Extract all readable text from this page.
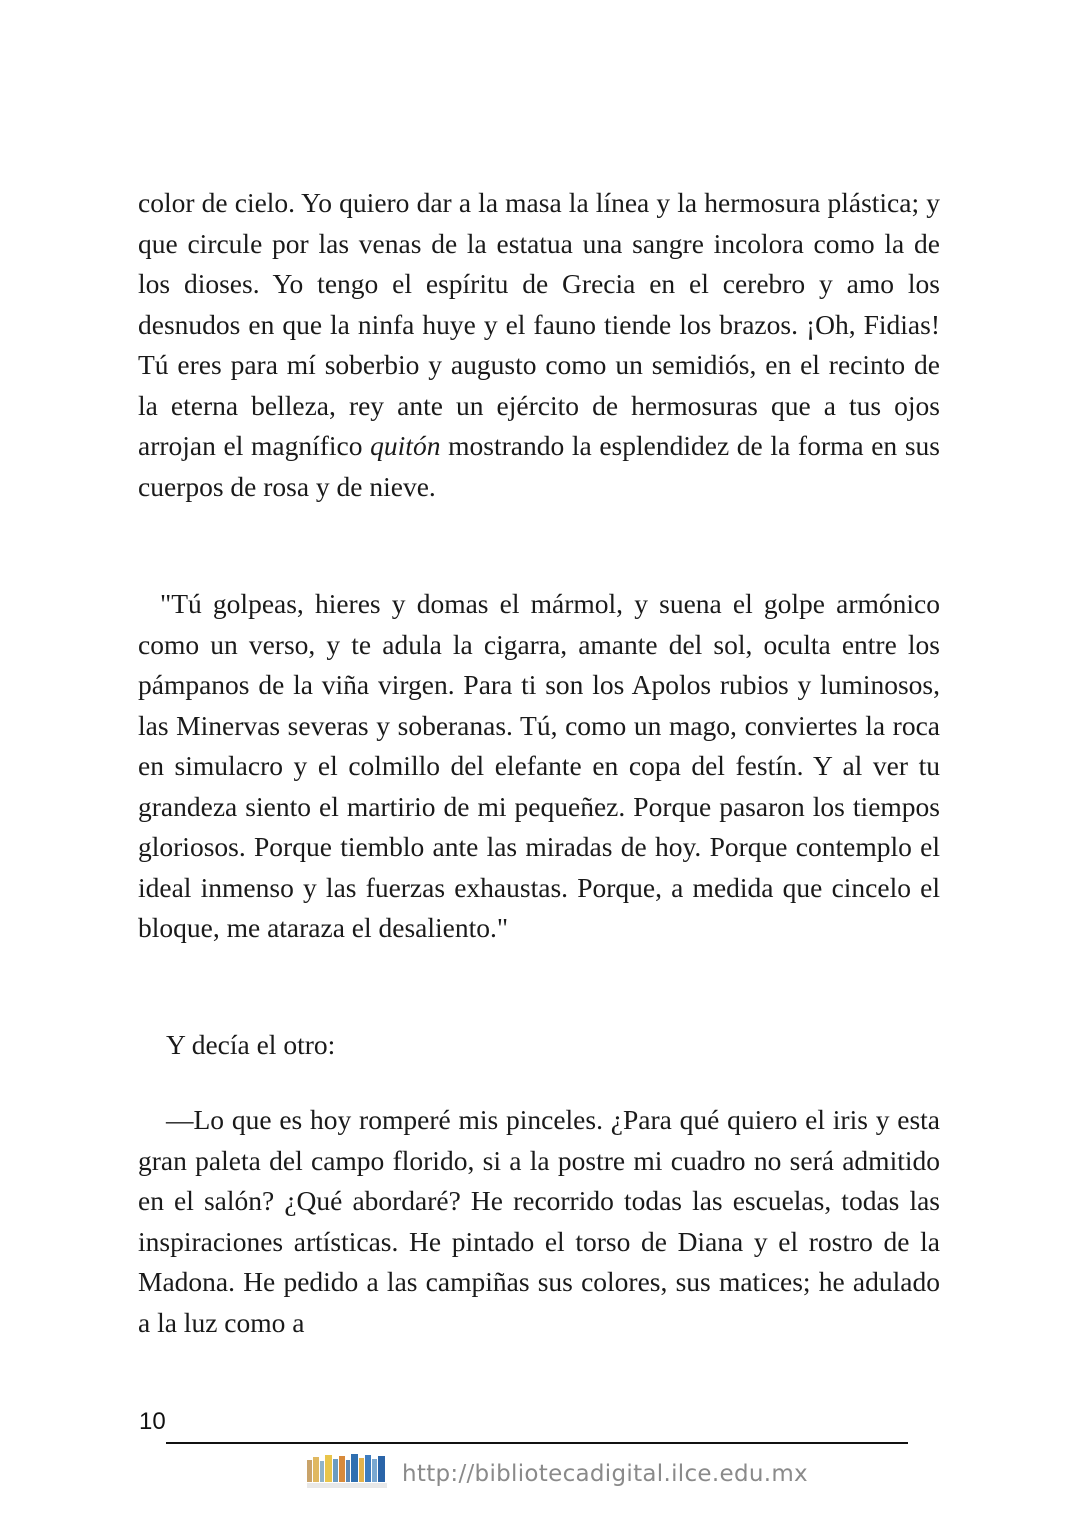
color de cielo. Yo quiero dar a la masa la línea y la hermosura plástica; y que circule por las venas de la estatua una sangre incolora como la de los dioses. Yo tengo el espíritu de Grecia en el cerebro y amo los desnudos en que la ninfa huye y el fauno tiende los brazos. ¡Oh, Fidias! Tú eres para mí soberbio y augusto como un semidiós, en el recinto de la eterna belleza, rey ante un ejército de hermosuras que a tus ojos arrojan el magnífico quitón mostrando la esplendidez de la forma en sus cuerpos de rosa y de nieve.

"Tú golpeas, hieres y domas el mármol, y suena el golpe armónico como un verso, y te adula la cigarra, amante del sol, oculta entre los pámpanos de la viña virgen. Para ti son los Apolos rubios y luminosos, las Minervas severas y soberanas. Tú, como un mago, conviertes la roca en simulacro y el colmillo del elefante en copa del festín. Y al ver tu grandeza siento el martirio de mi pequeñez. Porque pasaron los tiempos gloriosos. Porque tiemblo ante las miradas de hoy. Porque contemplo el ideal inmenso y las fuerzas exhaustas. Porque, a medida que cincelo el bloque, me ataraza el desaliento."

Y decía el otro:

—Lo que es hoy romperé mis pinceles. ¿Para qué quiero el iris y esta gran paleta del campo florido, si a la postre mi cuadro no será admitido en el salón? ¿Qué abordaré? He recorrido todas las escuelas, todas las inspiraciones artísticas. He pintado el torso de Diana y el rostro de la Madona. He pedido a las campiñas sus colores, sus matices; he adulado a la luz como a

10
http://bibliotecadigital.ilce.edu.mx
